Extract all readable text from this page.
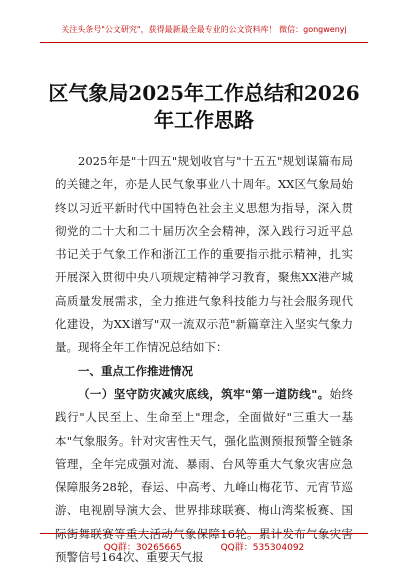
关注头条号"公文研究"，获得最新最全最专业的公文资料库！ 微信：gongwenyj
区气象局2025年工作总结和2026年工作思路

2025年是"十四五"规划收官与"十五五"规划谋篇布局的关键之年，亦是人民气象事业八十周年。XX区气象局始终以习近平新时代中国特色社会主义思想为指导，深入贯彻党的二十大和二十届历次全会精神，深入践行习近平总书记关于气象工作和浙江工作的重要指示批示精神，扎实开展深入贯彻中央八项规定精神学习教育，聚焦XX港产城高质量发展需求，全力推进气象科技能力与社会服务现代化建设，为XX谱写"双一流双示范"新篇章注入坚实气象力量。现将全年工作情况总结如下：

一、重点工作推进情况

（一）坚守防灾减灾底线，筑牢"第一道防线"。始终践行"人民至上、生命至上"理念，全面做好"三重大一基本"气象服务。针对灾害性天气，强化监测预报预警全链条管理，全年完成强对流、暴雨、台风等重大气象灾害应急保障服务28轮，春运、中高考、九峰山梅花节、元宵节巡游、电视剧导演大会、世界排球联赛、梅山湾桨板赛、国际街舞联赛等重大活动气象保障16轮。累计发布气象灾害预警信号164次、重要天气报

QQ群：30265665	QQ群：535304092
